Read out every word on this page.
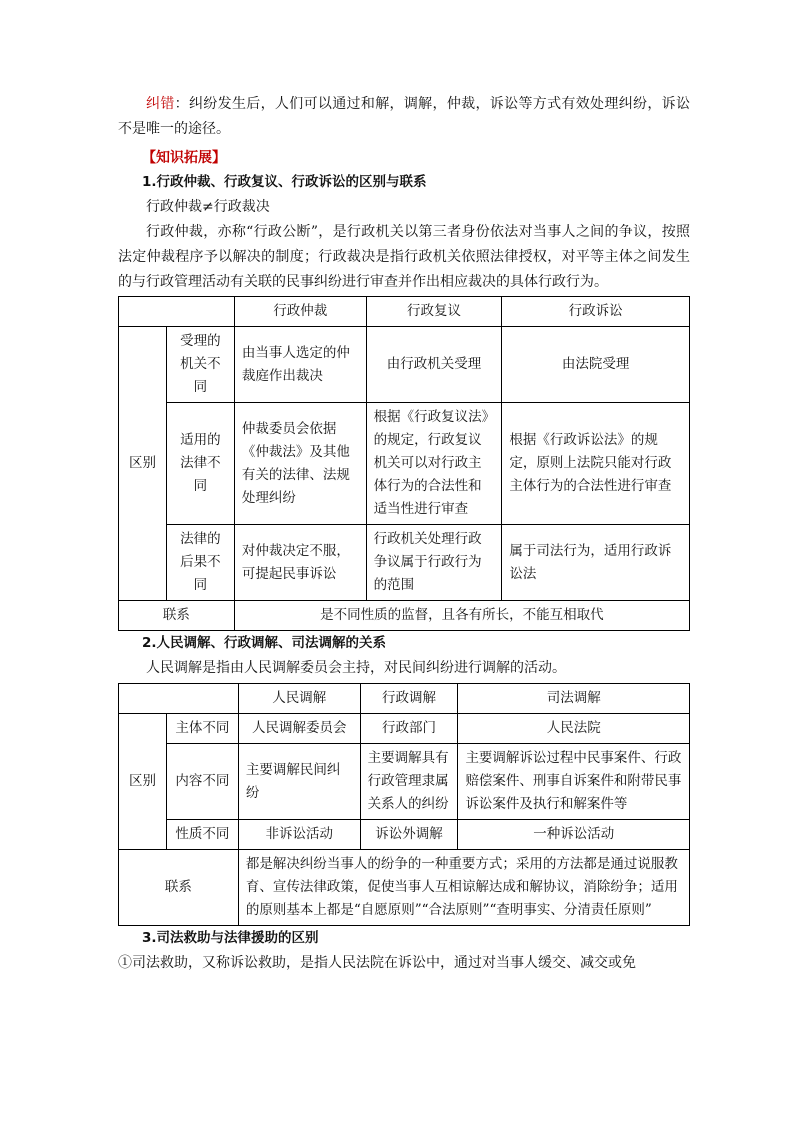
纠错：纠纷发生后，人们可以通过和解，调解，仲裁，诉讼等方式有效处理纠纷，诉讼不是唯一的途径。

【知识拓展】
1.行政仲裁、行政复议、行政诉讼的区别与联系

行政仲裁≠行政裁决

行政仲裁，亦称“行政公断”，是行政机关以第三者身份依法对当事人之间的争议，按照法定仲裁程序予以解决的制度；行政裁决是指行政机关依照法律授权，对平等主体之间发生的与行政管理活动有关联的民事纠纷进行审查并作出相应裁决的具体行政行为。

		行政仲裁	行政复议	行政诉讼
区别	受理的机关不同	由当事人选定的仲裁庭作出裁决	由行政机关受理	由法院受理
	适用的法律不同	仲裁委员会依据《仲裁法》及其他有关的法律、法规处理纠纷	根据《行政复议法》的规定，行政复议机关可以对行政主体行为的合法性和适当性进行审查	根据《行政诉讼法》的规定，原则上法院只能对行政主体行为的合法性进行审查
	法律的后果不同	对仲裁决定不服，可提起民事诉讼	行政机关处理行政争议属于行政行为的范围	属于司法行为，适用行政诉讼法
联系		是不同性质的监督，且各有所长，不能互相取代		
2.人民调解、行政调解、司法调解的关系

人民调解是指由人民调解委员会主持，对民间纠纷进行调解的活动。

		人民调解	行政调解	司法调解
区别	主体不同	人民调解委员会	行政部门	人民法院
	内容不同	主要调解民间纠纷	主要调解具有行政管理隶属关系人的纠纷	主要调解诉讼过程中民事案件、行政赔偿案件、刑事自诉案件和附带民事诉讼案件及执行和解案件等
	性质不同	非诉讼活动	诉讼外调解	一种诉讼活动
联系		都是解决纠纷当事人的纷争的一种重要方式；采用的方法都是通过说服教育、宣传法律政策，促使当事人互相谅解达成和解协议，消除纷争；适用的原则基本上都是“自愿原则”“合法原则”“查明事实、分清责任原则”		
3.司法救助与法律援助的区别

①司法救助，又称诉讼救助，是指人民法院在诉讼中，通过对当事人缓交、减交或免
